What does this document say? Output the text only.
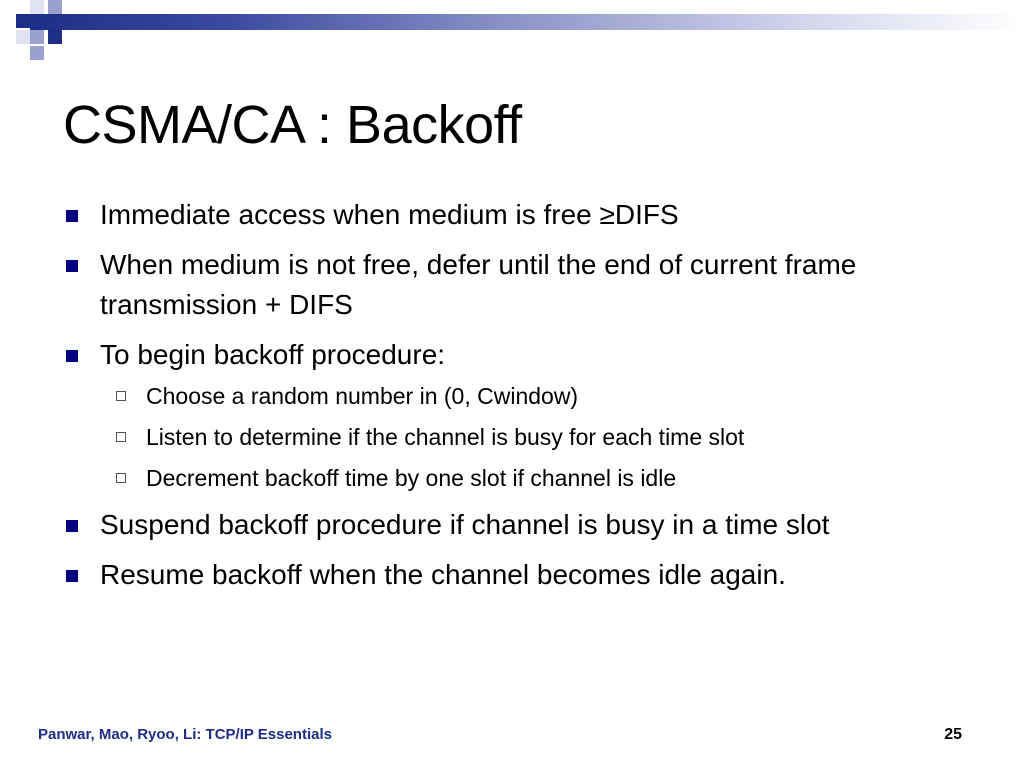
CSMA/CA : Backoff
Immediate access when medium is free ≥DIFS
When medium is not free, defer until the end of current frame transmission + DIFS
To begin backoff procedure:
Choose a random number in (0, Cwindow)
Listen to determine if the channel is busy for each time slot
Decrement backoff time by one slot if channel is idle
Suspend backoff procedure if channel is busy in a time slot
Resume backoff when the channel becomes idle again.
Panwar, Mao, Ryoo, Li: TCP/IP Essentials	25
